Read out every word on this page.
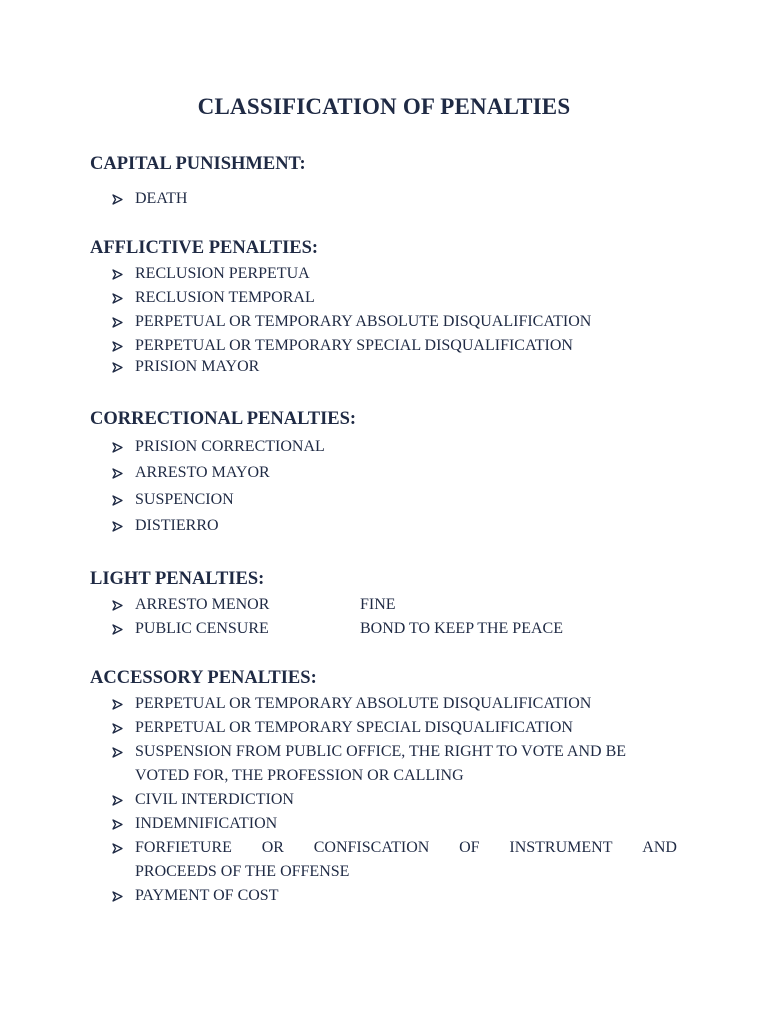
CLASSIFICATION OF PENALTIES
CAPITAL PUNISHMENT:
DEATH
AFFLICTIVE PENALTIES:
RECLUSION PERPETUA
RECLUSION TEMPORAL
PERPETUAL OR TEMPORARY ABSOLUTE DISQUALIFICATION
PERPETUAL OR TEMPORARY SPECIAL DISQUALIFICATION
PRISION MAYOR
CORRECTIONAL PENALTIES:
PRISION CORRECTIONAL
ARRESTO MAYOR
SUSPENCION
DISTIERRO
LIGHT PENALTIES:
ARRESTO MENOR	FINE
PUBLIC CENSURE	BOND TO KEEP THE PEACE
ACCESSORY PENALTIES:
PERPETUAL OR TEMPORARY ABSOLUTE DISQUALIFICATION
PERPETUAL OR TEMPORARY SPECIAL DISQUALIFICATION
SUSPENSION FROM PUBLIC OFFICE, THE RIGHT TO VOTE AND BE
VOTED FOR, THE PROFESSION OR CALLING
CIVIL INTERDICTION
INDEMNIFICATION
FORFIETURE OR CONFISCATION OF INSTRUMENT AND
PROCEEDS OF THE OFFENSE
PAYMENT OF COST
